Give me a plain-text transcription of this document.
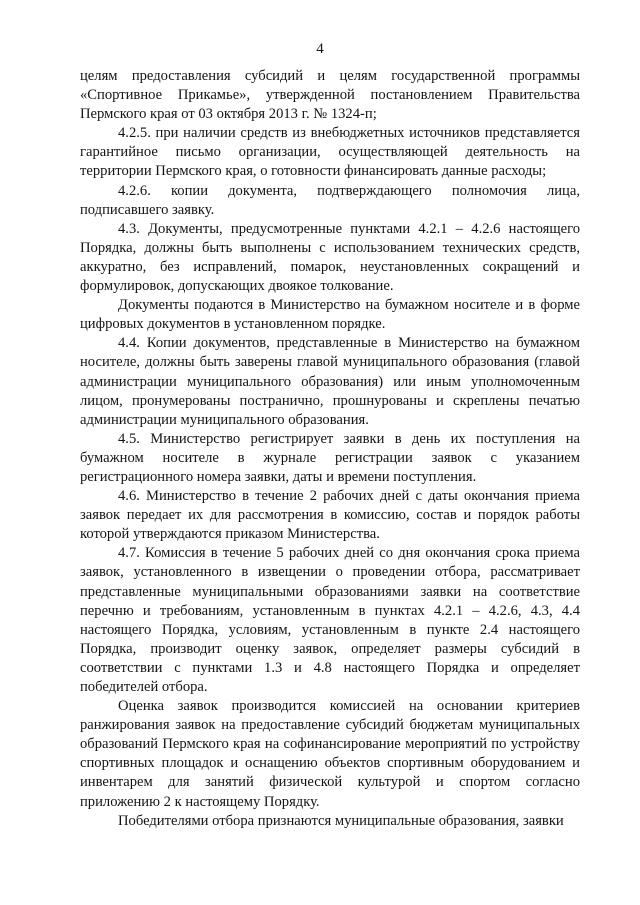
4

целям предоставления субсидий и целям государственной программы «Спортивное Прикамье», утвержденной постановлением Правительства Пермского края от 03 октября 2013 г. № 1324-п;

4.2.5. при наличии средств из внебюджетных источников представляется гарантийное письмо организации, осуществляющей деятельность на территории Пермского края, о готовности финансировать данные расходы;

4.2.6. копии документа, подтверждающего полномочия лица, подписавшего заявку.

4.3. Документы, предусмотренные пунктами 4.2.1 – 4.2.6 настоящего Порядка, должны быть выполнены с использованием технических средств, аккуратно, без исправлений, помарок, неустановленных сокращений и формулировок, допускающих двоякое толкование.

Документы подаются в Министерство на бумажном носителе и в форме цифровых документов в установленном порядке.

4.4. Копии документов, представленные в Министерство на бумажном носителе, должны быть заверены главой муниципального образования (главой администрации муниципального образования) или иным уполномоченным лицом, пронумерованы постранично, прошнурованы и скреплены печатью администрации муниципального образования.

4.5. Министерство регистрирует заявки в день их поступления на бумажном носителе в журнале регистрации заявок с указанием регистрационного номера заявки, даты и времени поступления.

4.6. Министерство в течение 2 рабочих дней с даты окончания приема заявок передает их для рассмотрения в комиссию, состав и порядок работы которой утверждаются приказом Министерства.

4.7. Комиссия в течение 5 рабочих дней со дня окончания срока приема заявок, установленного в извещении о проведении отбора, рассматривает представленные муниципальными образованиями заявки на соответствие перечню и требованиям, установленным в пунктах 4.2.1 – 4.2.6, 4.3, 4.4 настоящего Порядка, условиям, установленным в пункте 2.4 настоящего Порядка, производит оценку заявок, определяет размеры субсидий в соответствии с пунктами 1.3 и 4.8 настоящего Порядка и определяет победителей отбора.

Оценка заявок производится комиссией на основании критериев ранжирования заявок на предоставление субсидий бюджетам муниципальных образований Пермского края на софинансирование мероприятий по устройству спортивных площадок и оснащению объектов спортивным оборудованием и инвентарем для занятий физической культурой и спортом согласно приложению 2 к настоящему Порядку.

Победителями отбора признаются муниципальные образования, заявки
